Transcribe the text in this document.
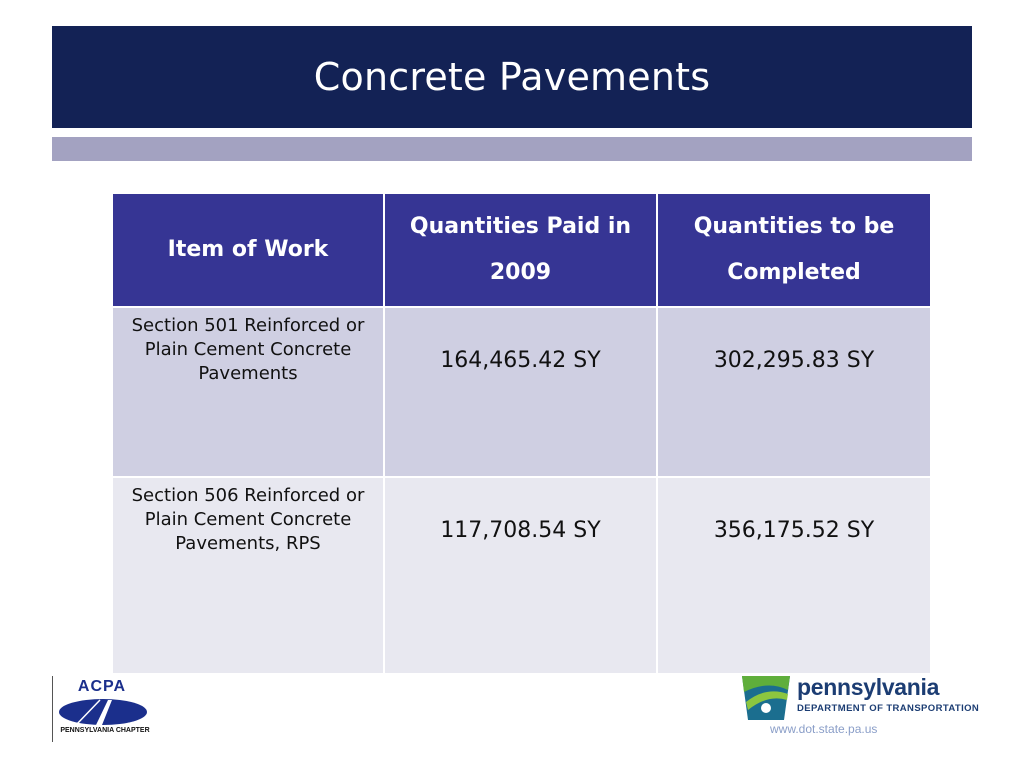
Concrete Pavements
Item of Work	Quantities Paid in 2009	Quantities to be Completed
Section 501 Reinforced or Plain Cement Concrete Pavements	164,465.42 SY	302,295.83 SY
Section 506 Reinforced or Plain Cement Concrete Pavements, RPS	117,708.54 SY	356,175.52 SY
ACPA
PENNSYLVANIA CHAPTER
pennsylvania
DEPARTMENT OF TRANSPORTATION
www.dot.state.pa.us
